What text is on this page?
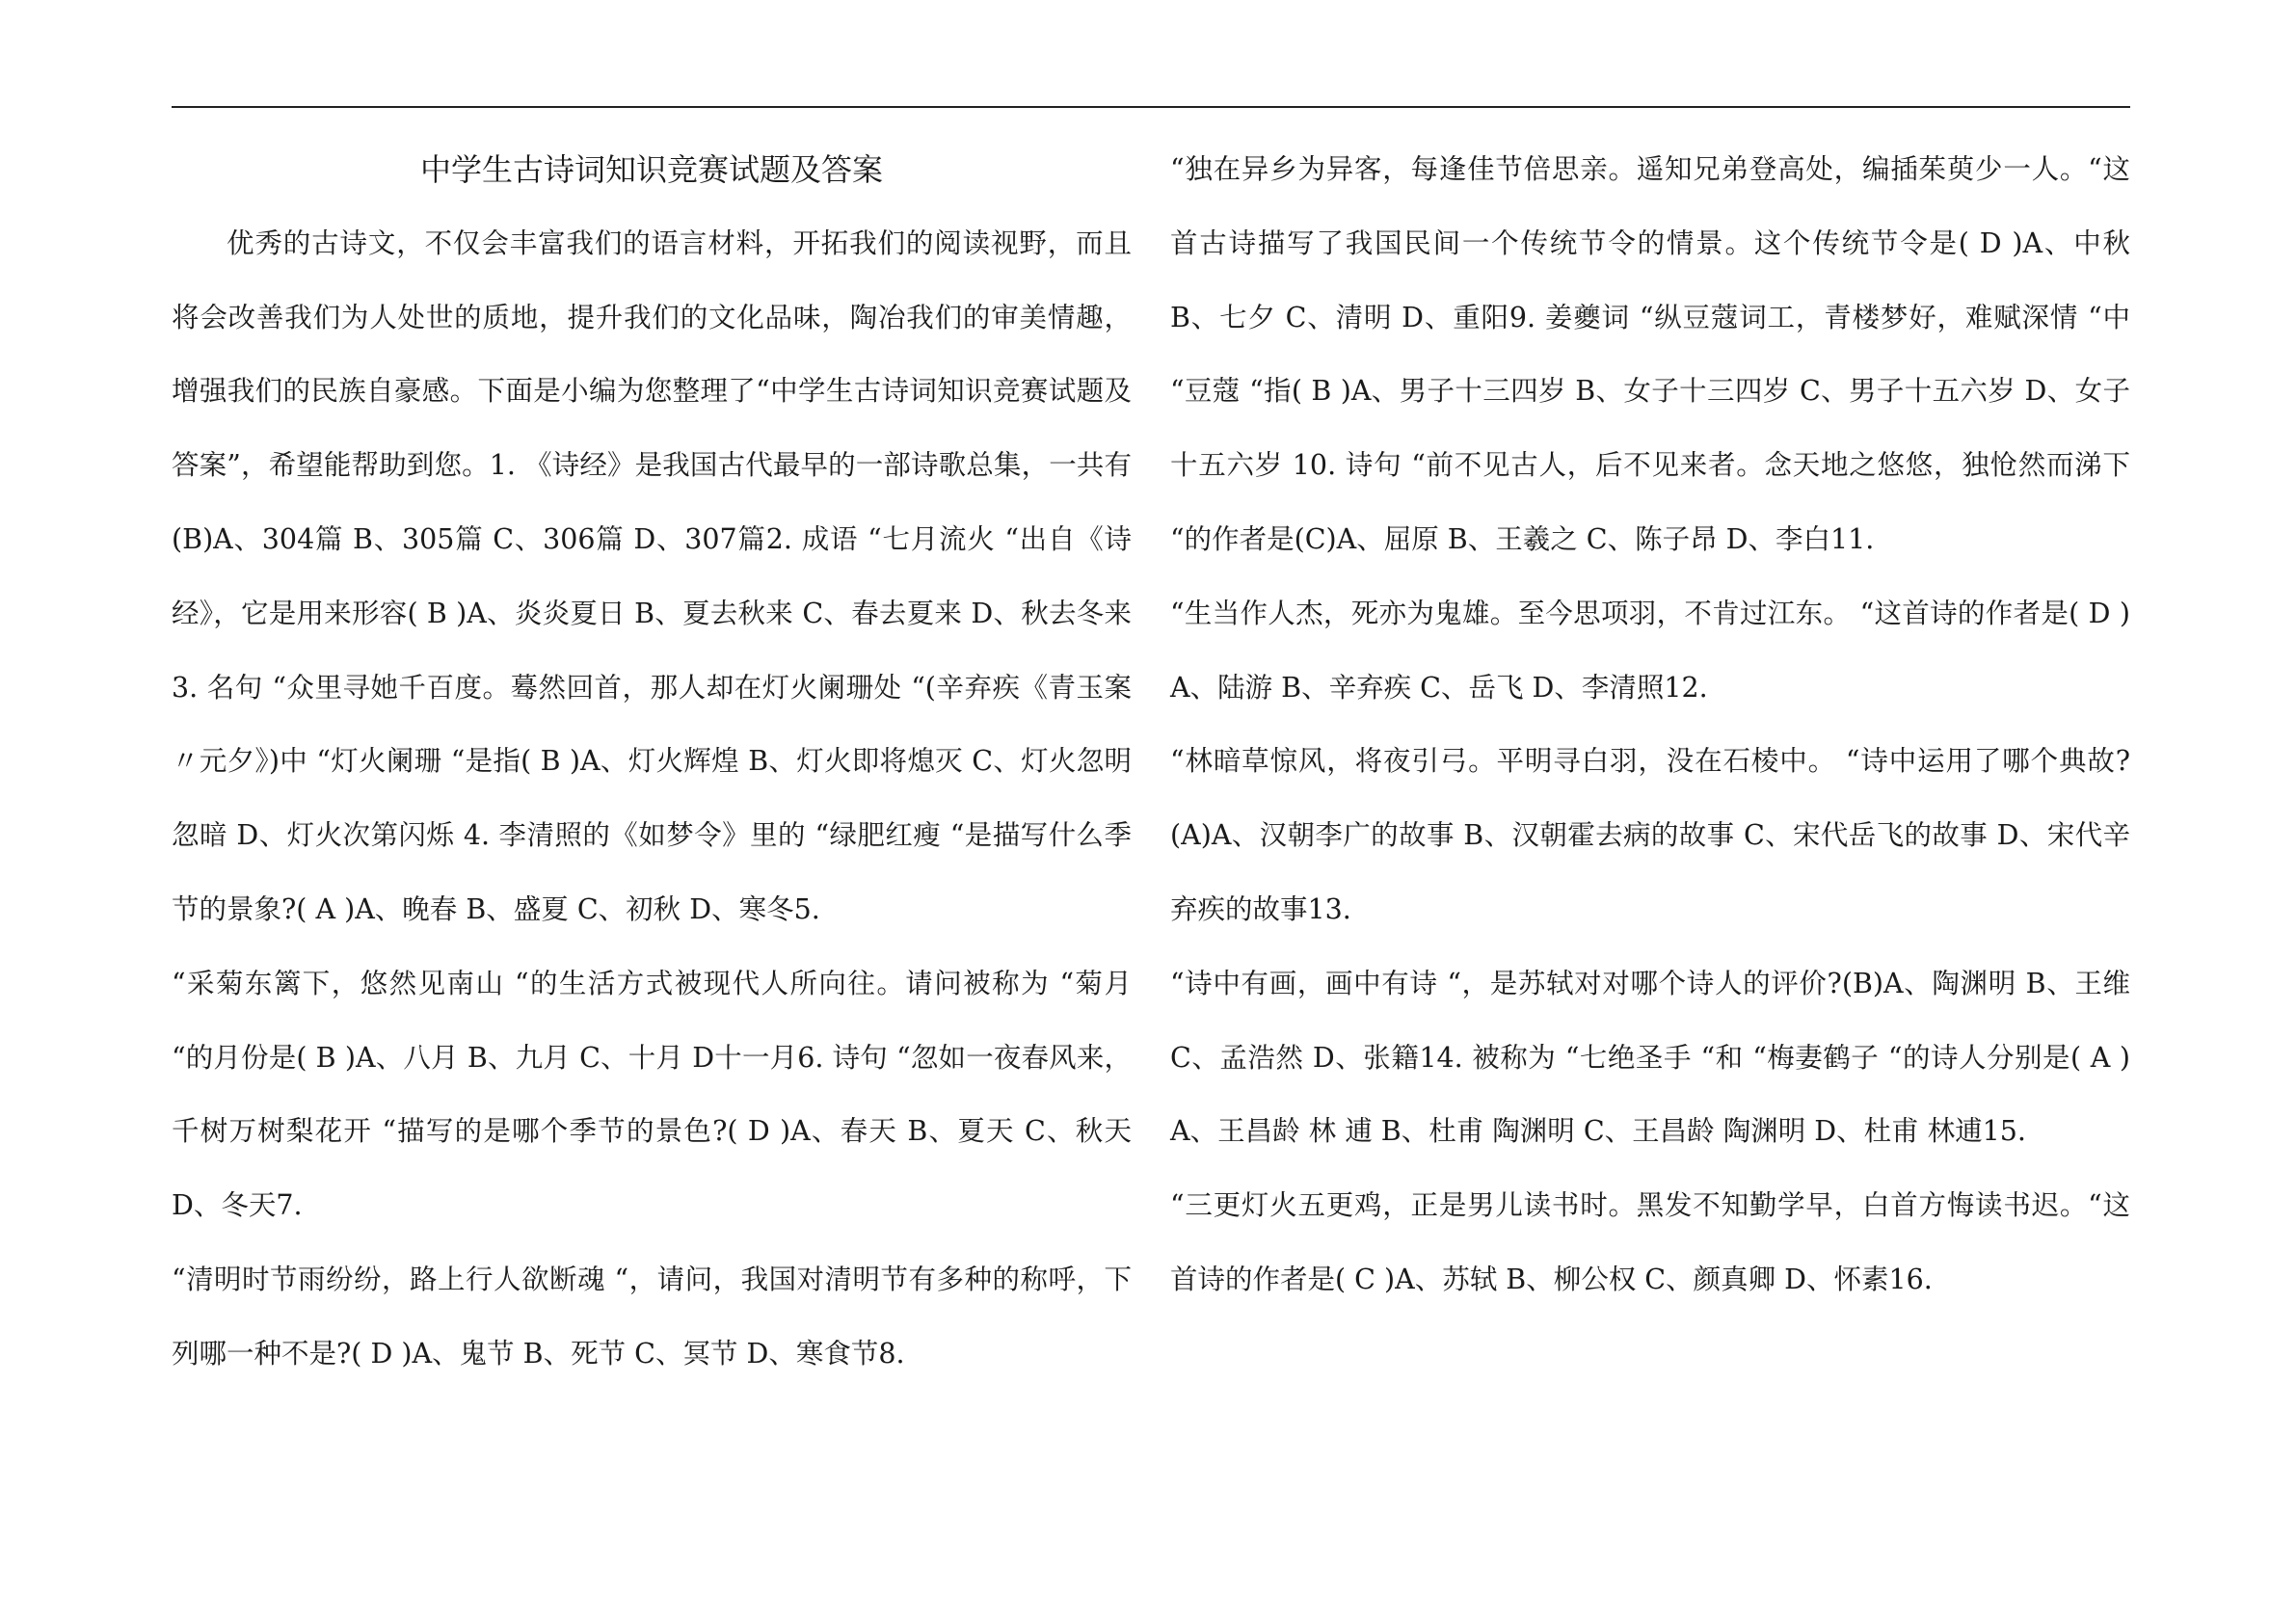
中学生古诗词知识竞赛试题及答案

优秀的古诗文，不仅会丰富我们的语言材料，开拓我们的阅读视野，而且将会改善我们为人处世的质地，提升我们的文化品味，陶冶我们的审美情趣，增强我们的民族自豪感。下面是小编为您整理了“中学生古诗词知识竞赛试题及答案”，希望能帮助到您。1. 《诗经》是我国古代最早的一部诗歌总集，一共有(B)A、304篇 B、305篇 C、306篇 D、307篇2. 成语 “七月流火 “出自《诗经》，它是用来形容( B )A、炎炎夏日 B、夏去秋来 C、春去夏来 D、秋去冬来3. 名句 “众里寻她千百度。蓦然回首，那人却在灯火阑珊处 “(辛弃疾《青玉案〃元夕》)中 “灯火阑珊 “是指( B )A、灯火辉煌 B、灯火即将熄灭 C、灯火忽明忽暗 D、灯火次第闪烁 4. 李清照的《如梦令》里的 “绿肥红瘦 “是描写什么季节的景象?( A )A、晚春 B、盛夏 C、初秋 D、寒冬5.

“采菊东篱下，悠然见南山 “的生活方式被现代人所向往。请问被称为 “菊月 “的月份是( B )A、八月 B、九月 C、十月 D十一月6. 诗句 “忽如一夜春风来，千树万树梨花开 “描写的是哪个季节的景色?( D )A、春天 B、夏天 C、秋天 D、冬天7.

“清明时节雨纷纷，路上行人欲断魂 “，请问，我国对清明节有多种的称呼，下列哪一种不是?( D )A、鬼节 B、死节 C、冥节 D、寒食节8.

“独在异乡为异客，每逢佳节倍思亲。遥知兄弟登高处，编插茱萸少一人。“这首古诗描写了我国民间一个传统节令的情景。这个传统节令是( D )A、中秋 B、七夕 C、清明 D、重阳9. 姜夔词 “纵豆蔻词工，青楼梦好，难赋深情 “中 “豆蔻 “指( B )A、男子十三四岁 B、女子十三四岁 C、男子十五六岁 D、女子十五六岁 10. 诗句 “前不见古人，后不见来者。念天地之悠悠，独怆然而涕下 “的作者是(C)A、屈原 B、王羲之 C、陈子昂 D、李白11.

“生当作人杰，死亦为鬼雄。至今思项羽，不肯过江东。 “这首诗的作者是( D )A、陆游 B、辛弃疾 C、岳飞 D、李清照12.

“林暗草惊风，将夜引弓。平明寻白羽，没在石棱中。 “诗中运用了哪个典故?(A)A、汉朝李广的故事 B、汉朝霍去病的故事 C、宋代岳飞的故事 D、宋代辛弃疾的故事13.

“诗中有画，画中有诗 “，是苏轼对对哪个诗人的评价?(B)A、陶渊明 B、王维 C、孟浩然 D、张籍14. 被称为 “七绝圣手 “和 “梅妻鹤子 “的诗人分别是( A )A、王昌龄 林 逋 B、杜甫 陶渊明 C、王昌龄 陶渊明 D、杜甫 林逋15.

“三更灯火五更鸡，正是男儿读书时。黑发不知勤学早，白首方悔读书迟。“这首诗的作者是( C )A、苏轼 B、柳公权 C、颜真卿 D、怀素16.
